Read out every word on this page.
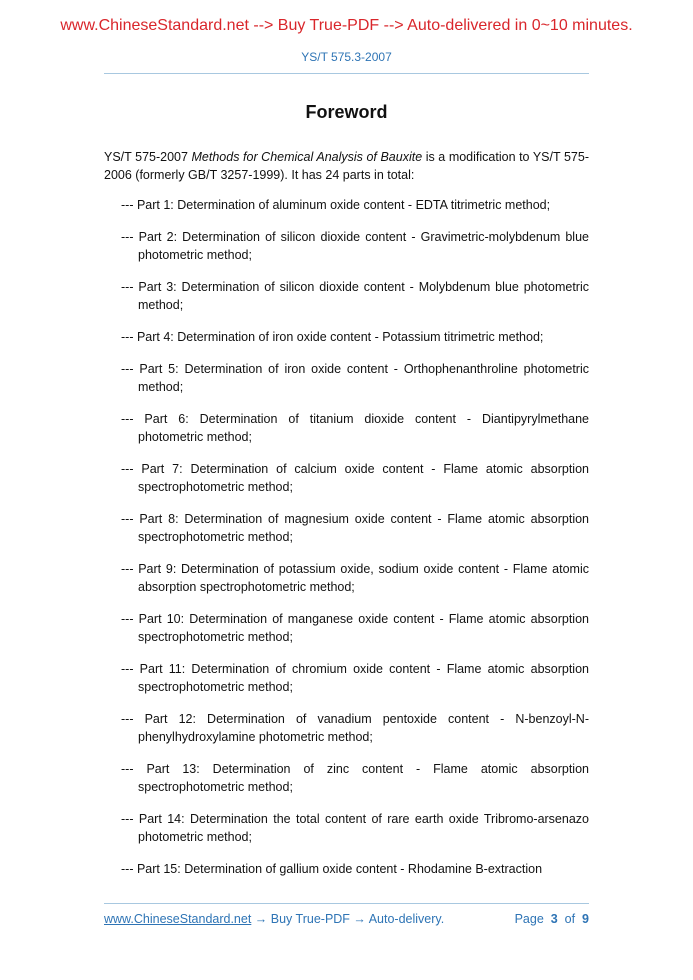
www.ChineseStandard.net --> Buy True-PDF --> Auto-delivered in 0~10 minutes.
YS/T 575.3-2007
Foreword
YS/T 575-2007 Methods for Chemical Analysis of Bauxite is a modification to YS/T 575-2006 (formerly GB/T 3257-1999). It has 24 parts in total:
--- Part 1: Determination of aluminum oxide content - EDTA titrimetric method;
--- Part 2: Determination of silicon dioxide content - Gravimetric-molybdenum blue photometric method;
--- Part 3: Determination of silicon dioxide content - Molybdenum blue photometric method;
--- Part 4: Determination of iron oxide content - Potassium titrimetric method;
--- Part 5: Determination of iron oxide content - Orthophenanthroline photometric method;
--- Part 6: Determination of titanium dioxide content - Diantipyrylmethane photometric method;
--- Part 7: Determination of calcium oxide content - Flame atomic absorption spectrophotometric method;
--- Part 8: Determination of magnesium oxide content - Flame atomic absorption spectrophotometric method;
--- Part 9: Determination of potassium oxide, sodium oxide content - Flame atomic absorption spectrophotometric method;
--- Part 10: Determination of manganese oxide content - Flame atomic absorption spectrophotometric method;
--- Part 11: Determination of chromium oxide content - Flame atomic absorption spectrophotometric method;
--- Part 12: Determination of vanadium pentoxide content - N-benzoyl-N-phenylhydroxylamine photometric method;
--- Part 13: Determination of zinc content - Flame atomic absorption spectrophotometric method;
--- Part 14: Determination the total content of rare earth oxide Tribromo-arsenazo photometric method;
--- Part 15: Determination of gallium oxide content - Rhodamine B-extraction
www.ChineseStandard.net → Buy True-PDF → Auto-delivery.	Page 3 of 9
